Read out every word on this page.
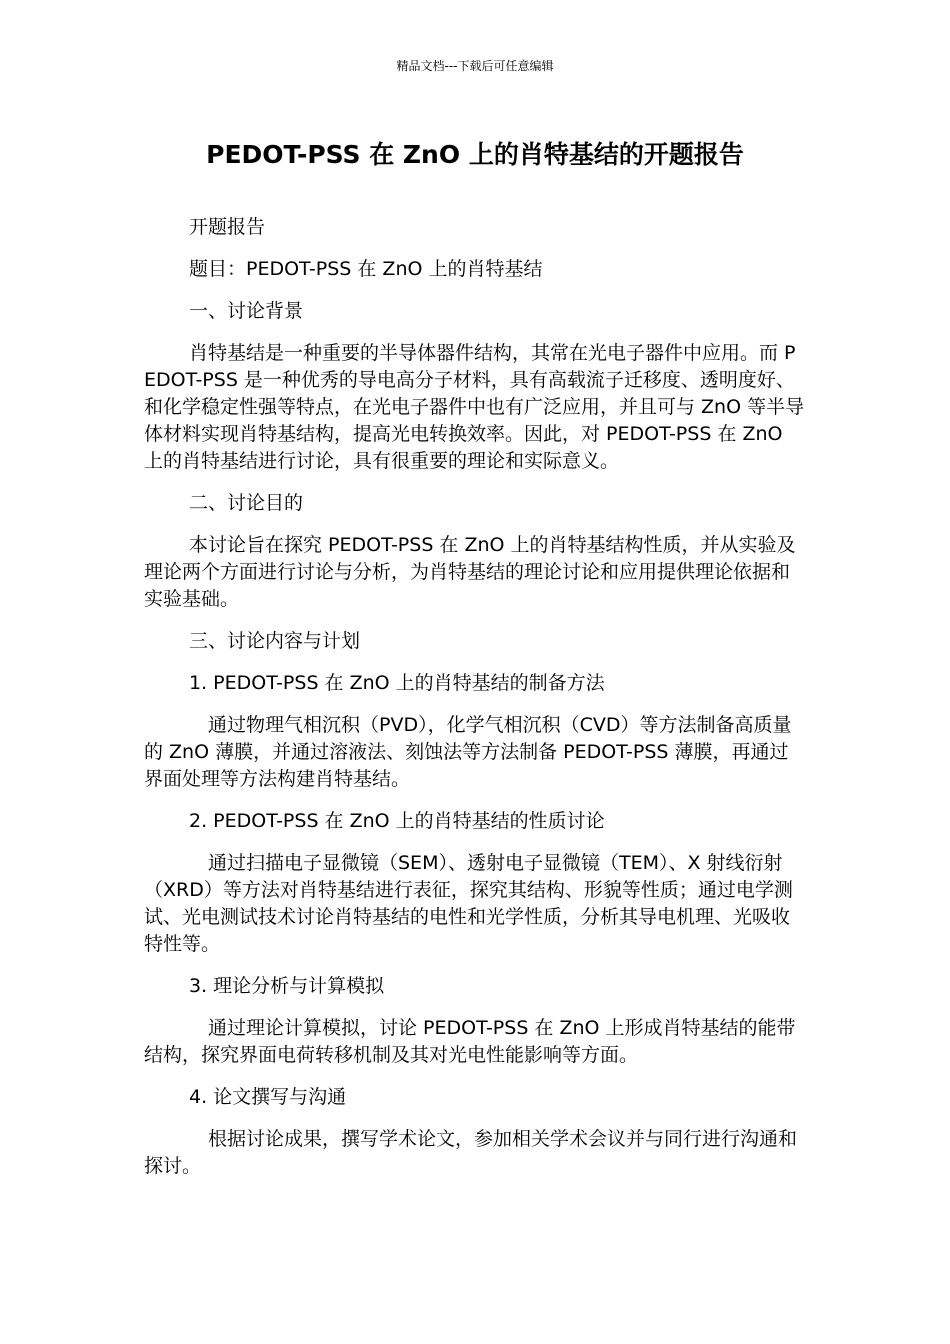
精品文档---下载后可任意编辑
PEDOT-PSS 在 ZnO 上的肖特基结的开题报告

开题报告

题目：PEDOT-PSS 在 ZnO 上的肖特基结

一、讨论背景

肖特基结是一种重要的半导体器件结构，其常在光电子器件中应用。而 PEDOT-PSS 是一种优秀的导电高分子材料，具有高载流子迁移度、透明度好、和化学稳定性强等特点，在光电子器件中也有广泛应用，并且可与 ZnO 等半导体材料实现肖特基结构，提高光电转换效率。因此，对 PEDOT-PSS 在 ZnO 上的肖特基结进行讨论，具有很重要的理论和实际意义。

二、讨论目的

本讨论旨在探究 PEDOT-PSS 在 ZnO 上的肖特基结构性质，并从实验及理论两个方面进行讨论与分析，为肖特基结的理论讨论和应用提供理论依据和实验基础。

三、讨论内容与计划

1. PEDOT-PSS 在 ZnO 上的肖特基结的制备方法

通过物理气相沉积（PVD），化学气相沉积（CVD）等方法制备高质量的 ZnO 薄膜，并通过溶液法、刻蚀法等方法制备 PEDOT-PSS 薄膜，再通过界面处理等方法构建肖特基结。

2. PEDOT-PSS 在 ZnO 上的肖特基结的性质讨论

通过扫描电子显微镜（SEM）、透射电子显微镜（TEM）、X 射线衍射（XRD）等方法对肖特基结进行表征，探究其结构、形貌等性质；通过电学测试、光电测试技术讨论肖特基结的电性和光学性质，分析其导电机理、光吸收特性等。

3. 理论分析与计算模拟

通过理论计算模拟，讨论 PEDOT-PSS 在 ZnO 上形成肖特基结的能带结构，探究界面电荷转移机制及其对光电性能影响等方面。

4. 论文撰写与沟通

根据讨论成果，撰写学术论文，参加相关学术会议并与同行进行沟通和探讨。
